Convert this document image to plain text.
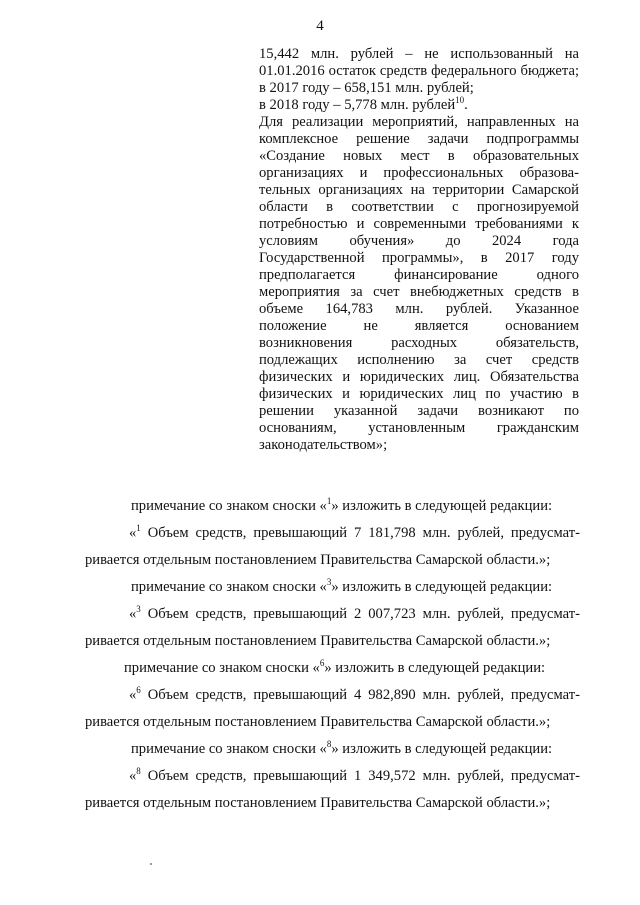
4
15,442 млн. рублей – не использованный на
01.01.2016 остаток средств федерального бюджета;
в 2017 году – 658,151 млн. рублей;
в 2018 году – 5,778 млн. рублей$^{10}$.
Для реализации мероприятий, направленных на
комплексное решение задачи подпрограммы
«Создание новых мест в образовательных
организациях и профессиональных образова-
тельных организациях на территории Самарской
области в соответствии с прогнозируемой
потребностью и современными требованиями к
условиям обучения» до 2024 года
Государственной программы», в 2017 году
предполагается финансирование одного
мероприятия за счет внебюджетных средств в
объеме 164,783 млн. рублей. Указанное
положение не является основанием
возникновения расходных обязательств,
подлежащих исполнению за счет средств
физических и юридических лиц. Обязательства
физических и юридических лиц по участию в
решении указанной задачи возникают по
основаниям, установленным гражданским
законодательством»;
примечание со знаком сноски «$^1$» изложить в следующей редакции:
«$^1$ Объем средств, превышающий 7 181,798 млн. рублей, предусмат-
ривается отдельным постановлением Правительства Самарской области.»;
примечание со знаком сноски «$^3$» изложить в следующей редакции:
«$^3$ Объем средств, превышающий 2 007,723 млн. рублей, предусмат-
ривается отдельным постановлением Правительства Самарской области.»;
примечание со знаком сноски «$^6$» изложить в следующей редакции:
«$^6$ Объем средств, превышающий 4 982,890 млн. рублей, предусмат-
ривается отдельным постановлением Правительства Самарской области.»;
примечание со знаком сноски «$^8$» изложить в следующей редакции:
«$^8$ Объем средств, превышающий 1 349,572 млн. рублей, предусмат-
ривается отдельным постановлением Правительства Самарской области.»;
